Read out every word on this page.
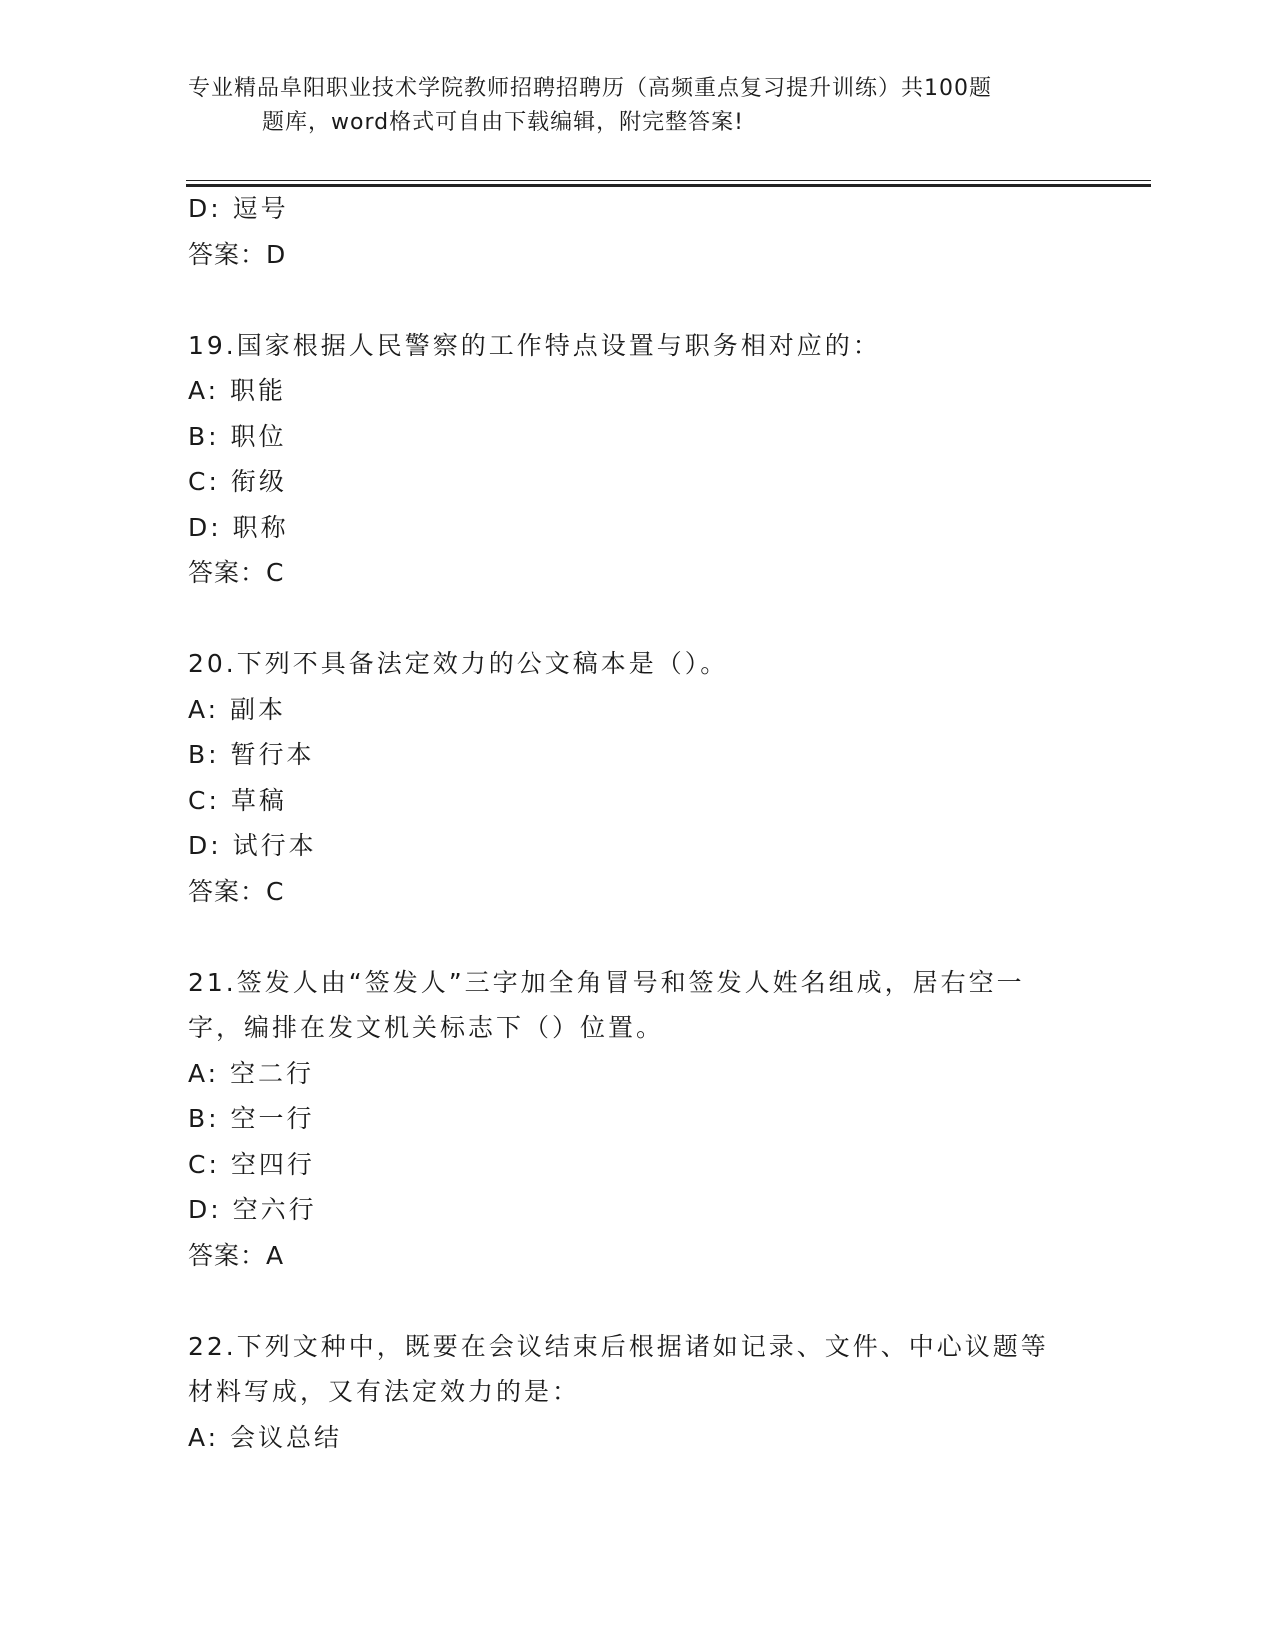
专业精品阜阳职业技术学院教师招聘招聘历（高频重点复习提升训练）共100题
题库，word格式可自由下载编辑，附完整答案!
D: 逗号
答案：D
19.国家根据人民警察的工作特点设置与职务相对应的：
A: 职能
B: 职位
C: 衔级
D: 职称
答案：C
20.下列不具备法定效力的公文稿本是（）。
A: 副本
B: 暂行本
C: 草稿
D: 试行本
答案：C
21.签发人由“签发人”三字加全角冒号和签发人姓名组成，居右空一
字，编排在发文机关标志下（）位置。
A: 空二行
B: 空一行
C: 空四行
D: 空六行
答案：A
22.下列文种中，既要在会议结束后根据诸如记录、文件、中心议题等
材料写成，又有法定效力的是：
A: 会议总结
